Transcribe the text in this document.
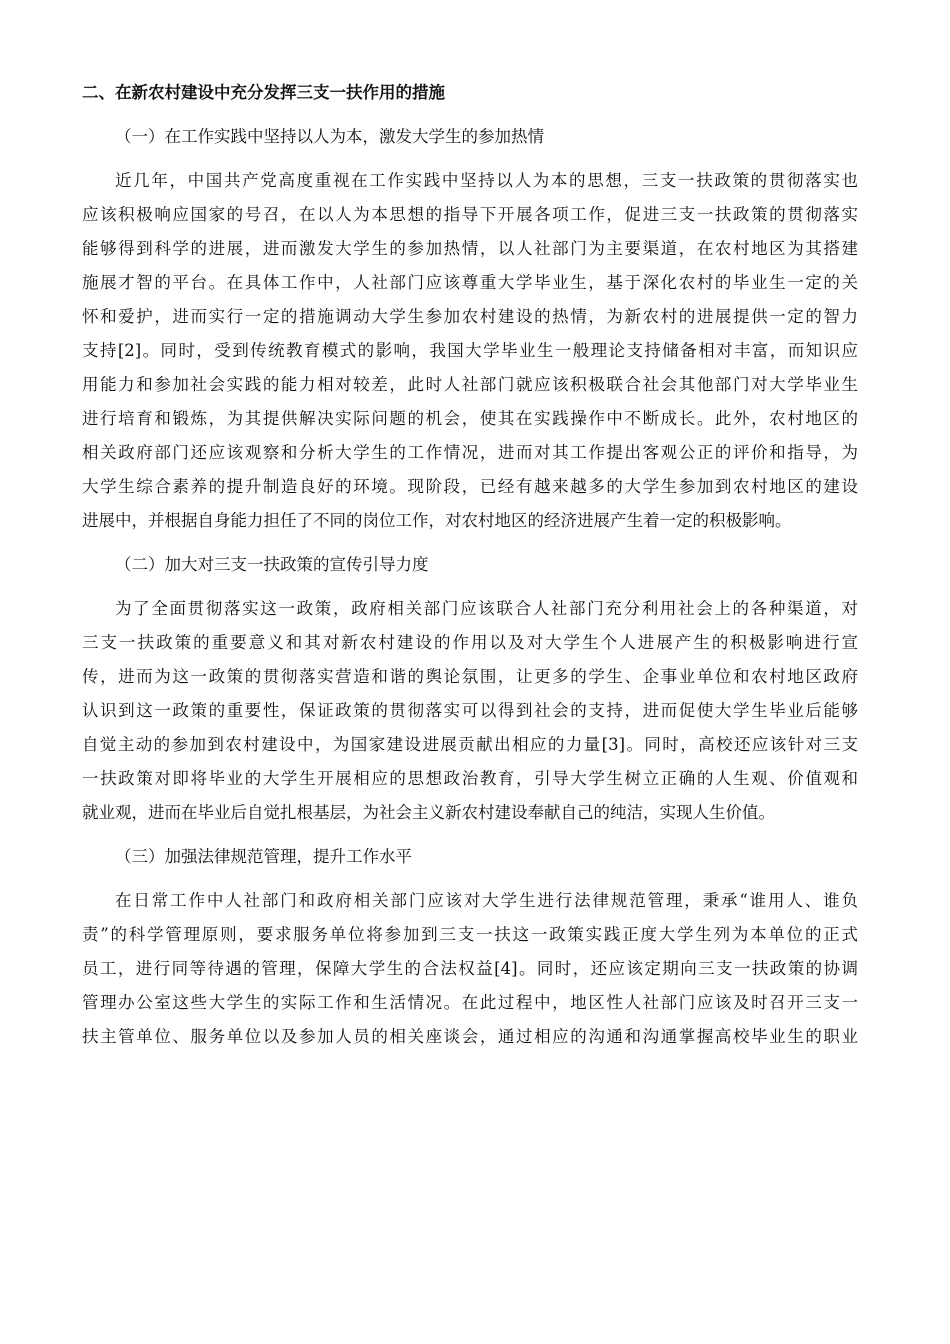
二、在新农村建设中充分发挥三支一扶作用的措施
（一）在工作实践中坚持以人为本，激发大学生的参加热情
近几年，中国共产党高度重视在工作实践中坚持以人为本的思想，三支一扶政策的贯彻落实也
应该积极响应国家的号召，在以人为本思想的指导下开展各项工作，促进三支一扶政策的贯彻落实
能够得到科学的进展，进而激发大学生的参加热情，以人社部门为主要渠道，在农村地区为其搭建
施展才智的平台。在具体工作中，人社部门应该尊重大学毕业生，基于深化农村的毕业生一定的关
怀和爱护，进而实行一定的措施调动大学生参加农村建设的热情，为新农村的进展提供一定的智力
支持[2]。同时，受到传统教育模式的影响，我国大学毕业生一般理论支持储备相对丰富，而知识应
用能力和参加社会实践的能力相对较差，此时人社部门就应该积极联合社会其他部门对大学毕业生
进行培育和锻炼，为其提供解决实际问题的机会，使其在实践操作中不断成长。此外，农村地区的
相关政府部门还应该观察和分析大学生的工作情况，进而对其工作提出客观公正的评价和指导，为
大学生综合素养的提升制造良好的环境。现阶段，已经有越来越多的大学生参加到农村地区的建设
进展中，并根据自身能力担任了不同的岗位工作，对农村地区的经济进展产生着一定的积极影响。
（二）加大对三支一扶政策的宣传引导力度
为了全面贯彻落实这一政策，政府相关部门应该联合人社部门充分利用社会上的各种渠道，对
三支一扶政策的重要意义和其对新农村建设的作用以及对大学生个人进展产生的积极影响进行宣
传，进而为这一政策的贯彻落实营造和谐的舆论氛围，让更多的学生、企事业单位和农村地区政府
认识到这一政策的重要性，保证政策的贯彻落实可以得到社会的支持，进而促使大学生毕业后能够
自觉主动的参加到农村建设中，为国家建设进展贡献出相应的力量[3]。同时，高校还应该针对三支
一扶政策对即将毕业的大学生开展相应的思想政治教育，引导大学生树立正确的人生观、价值观和
就业观，进而在毕业后自觉扎根基层，为社会主义新农村建设奉献自己的纯洁，实现人生价值。
（三）加强法律规范管理，提升工作水平
在日常工作中人社部门和政府相关部门应该对大学生进行法律规范管理，秉承“谁用人、谁负
责”的科学管理原则，要求服务单位将参加到三支一扶这一政策实践正度大学生列为本单位的正式
员工，进行同等待遇的管理，保障大学生的合法权益[4]。同时，还应该定期向三支一扶政策的协调
管理办公室这些大学生的实际工作和生活情况。在此过程中，地区性人社部门应该及时召开三支一
扶主管单位、服务单位以及参加人员的相关座谈会，通过相应的沟通和沟通掌握高校毕业生的职业
